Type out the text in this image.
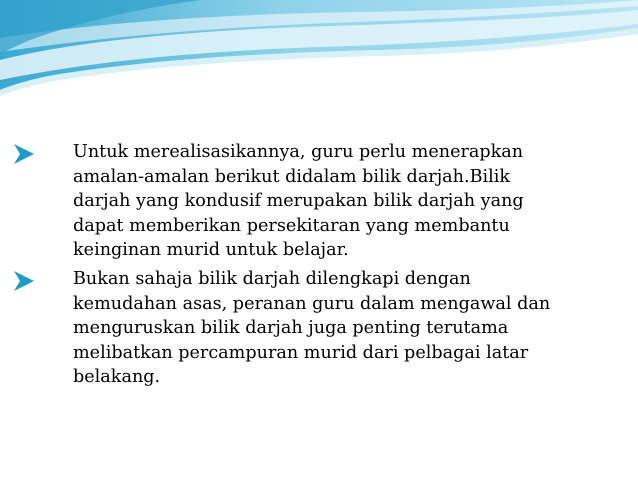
Untuk merealisasikannya, guru perlu menerapkan
amalan-amalan berikut didalam bilik darjah.Bilik
darjah yang kondusif merupakan bilik darjah yang
dapat memberikan persekitaran yang membantu
keinginan murid untuk belajar.
Bukan sahaja bilik darjah dilengkapi dengan
kemudahan asas, peranan guru dalam mengawal dan
menguruskan bilik darjah juga penting terutama
melibatkan percampuran murid dari pelbagai latar
belakang.
